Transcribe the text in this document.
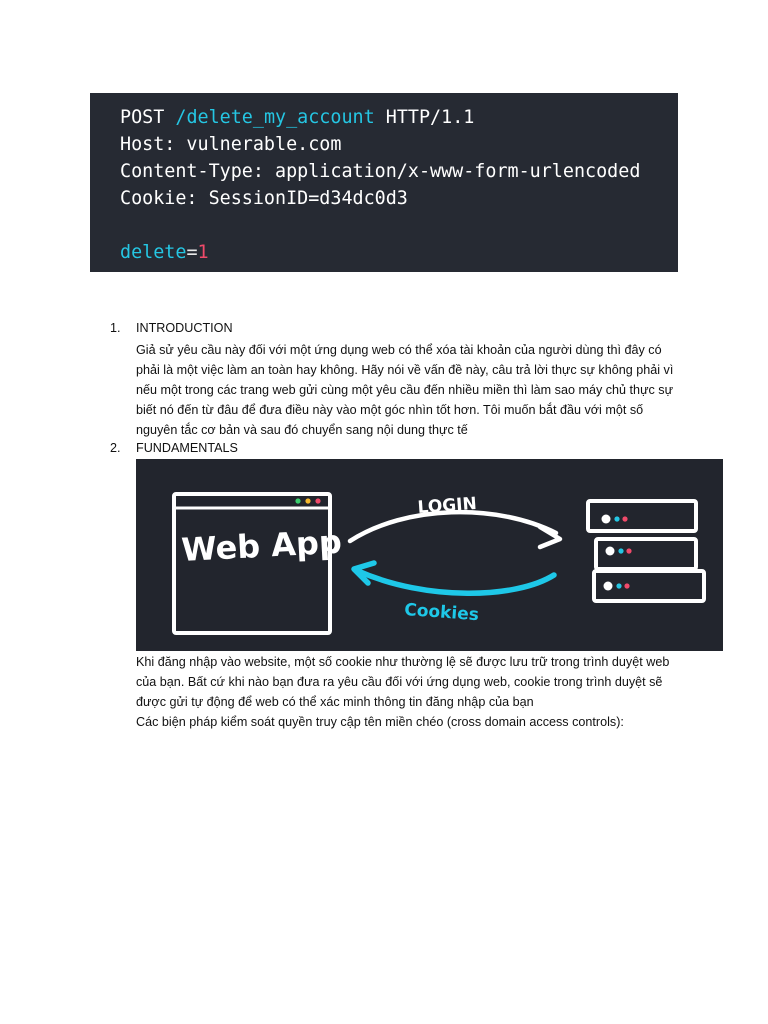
POST /delete_my_account HTTP/1.1
Host: vulnerable.com
Content-Type: application/x-www-form-urlencoded
Cookie: SessionID=d34dc0d3
delete=1
1. INTRODUCTION
Giả sử yêu cầu này đối với một ứng dụng web có thể xóa tài khoản của người dùng thì đây có
phải là một việc làm an toàn hay không. Hãy nói về vấn đề này, câu trả lời thực sự không phải vì
nếu một trong các trang web gửi cùng một yêu cầu đến nhiều miền thì làm sao máy chủ thực sự
biết nó đến từ đâu để đưa điều này vào một góc nhìn tốt hơn. Tôi muốn bắt đầu với một số
nguyên tắc cơ bản và sau đó chuyển sang nội dung thực tế
2. FUNDAMENTALS
Web App
LOGIN
Cookies
Khi đăng nhập vào website, một số cookie như thường lệ sẽ được lưu trữ trong trình duyệt web
của bạn. Bất cứ khi nào bạn đưa ra yêu cầu đối với ứng dụng web, cookie trong trình duyệt sẽ
được gửi tự động để web có thể xác minh thông tin đăng nhập của bạn
Các biện pháp kiểm soát quyền truy cập tên miền chéo (cross domain access controls):
